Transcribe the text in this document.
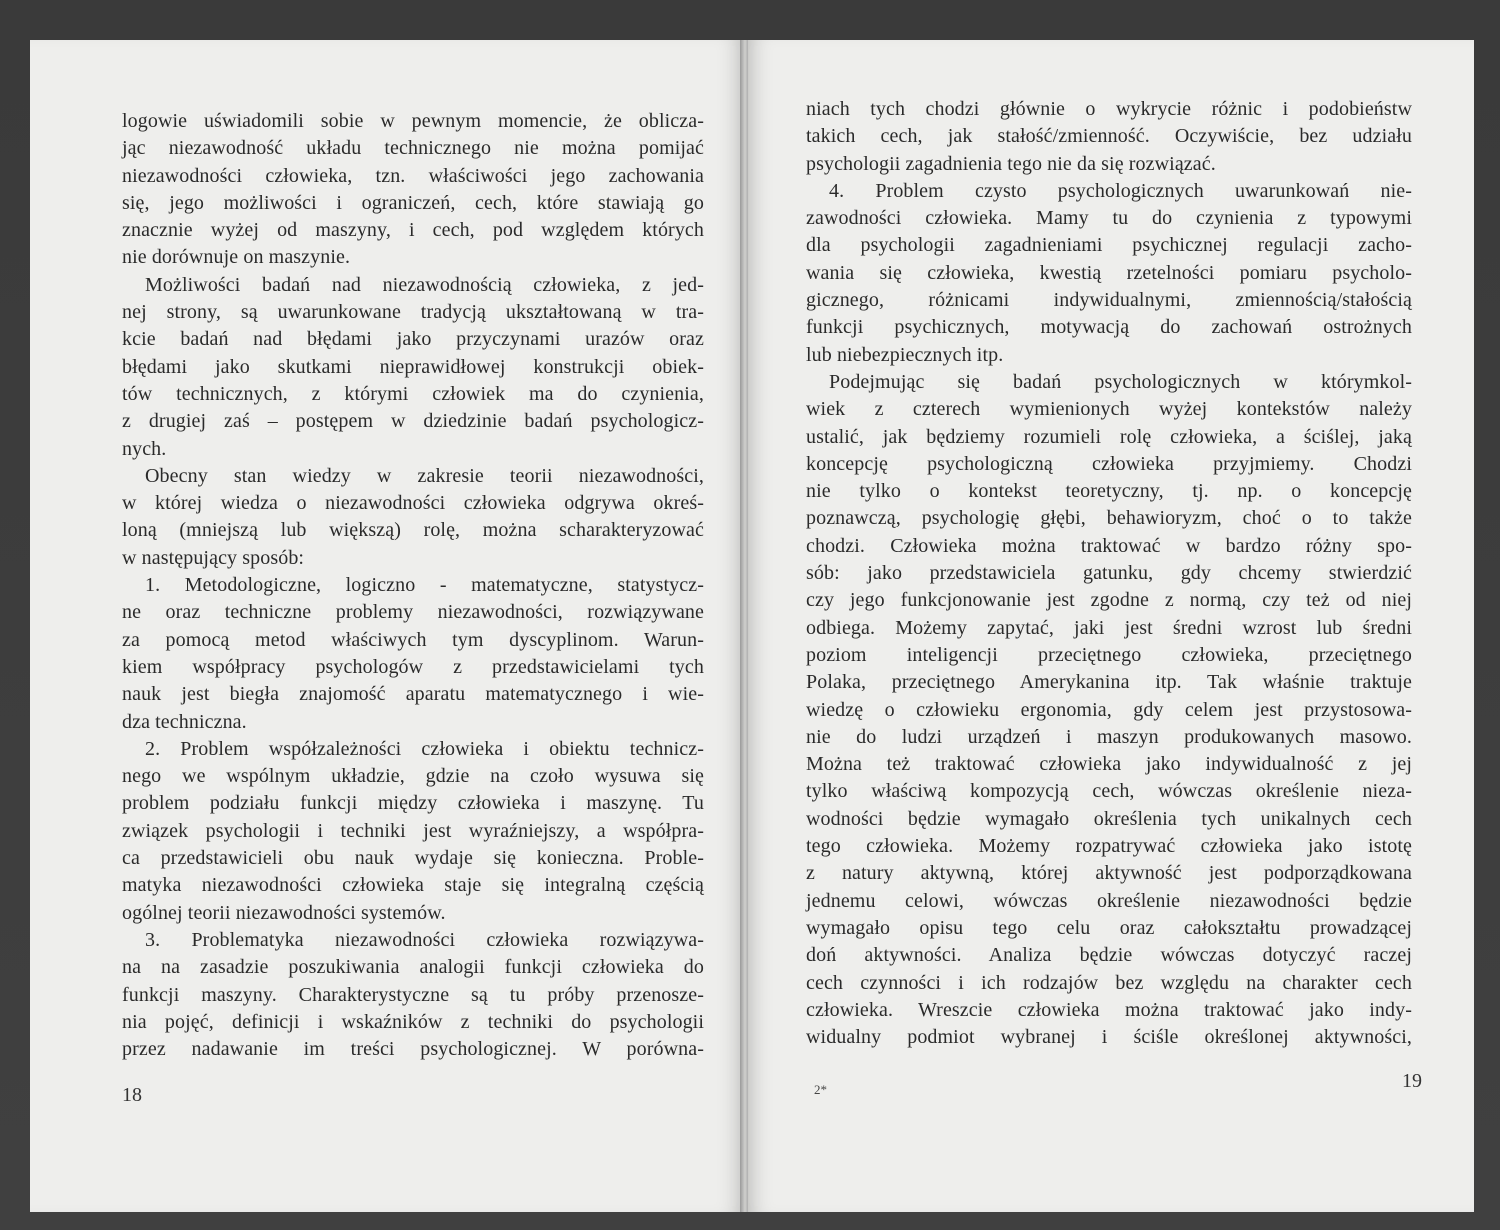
logowie uświadomili sobie w pewnym momencie, że oblicza-
jąc niezawodność układu technicznego nie można pomijać
niezawodności człowieka, tzn. właściwości jego zachowania
się, jego możliwości i ograniczeń, cech, które stawiają go
znacznie wyżej od maszyny, i cech, pod względem których
nie dorównuje on maszynie.
Możliwości badań nad niezawodnością człowieka, z jed-
nej strony, są uwarunkowane tradycją ukształtowaną w tra-
kcie badań nad błędami jako przyczynami urazów oraz
błędami jako skutkami nieprawidłowej konstrukcji obiek-
tów technicznych, z którymi człowiek ma do czynienia,
z drugiej zaś – postępem w dziedzinie badań psychologicz-
nych.
Obecny stan wiedzy w zakresie teorii niezawodności,
w której wiedza o niezawodności człowieka odgrywa okreś-
loną (mniejszą lub większą) rolę, można scharakteryzować
w następujący sposób:
1. Metodologiczne, logiczno - matematyczne, statystycz-
ne oraz techniczne problemy niezawodności, rozwiązywane
za pomocą metod właściwych tym dyscyplinom. Warun-
kiem współpracy psychologów z przedstawicielami tych
nauk jest biegła znajomość aparatu matematycznego i wie-
dza techniczna.
2. Problem współzależności człowieka i obiektu technicz-
nego we wspólnym układzie, gdzie na czoło wysuwa się
problem podziału funkcji między człowieka i maszynę. Tu
związek psychologii i techniki jest wyraźniejszy, a współpra-
ca przedstawicieli obu nauk wydaje się konieczna. Proble-
matyka niezawodności człowieka staje się integralną częścią
ogólnej teorii niezawodności systemów.
3. Problematyka niezawodności człowieka rozwiązywa-
na na zasadzie poszukiwania analogii funkcji człowieka do
funkcji maszyny. Charakterystyczne są tu próby przenosze-
nia pojęć, definicji i wskaźników z techniki do psychologii
przez nadawanie im treści psychologicznej. W porówna-
18
niach tych chodzi głównie o wykrycie różnic i podobieństw
takich cech, jak stałość/zmienność. Oczywiście, bez udziału
psychologii zagadnienia tego nie da się rozwiązać.
4. Problem czysto psychologicznych uwarunkowań nie-
zawodności człowieka. Mamy tu do czynienia z typowymi
dla psychologii zagadnieniami psychicznej regulacji zacho-
wania się człowieka, kwestią rzetelności pomiaru psycholo-
gicznego, różnicami indywidualnymi, zmiennością/stałością
funkcji psychicznych, motywacją do zachowań ostrożnych
lub niebezpiecznych itp.
Podejmując się badań psychologicznych w którymkol-
wiek z czterech wymienionych wyżej kontekstów należy
ustalić, jak będziemy rozumieli rolę człowieka, a ściślej, jaką
koncepcję psychologiczną człowieka przyjmiemy. Chodzi
nie tylko o kontekst teoretyczny, tj. np. o koncepcję
poznawczą, psychologię głębi, behawioryzm, choć o to także
chodzi. Człowieka można traktować w bardzo różny spo-
sób: jako przedstawiciela gatunku, gdy chcemy stwierdzić
czy jego funkcjonowanie jest zgodne z normą, czy też od niej
odbiega. Możemy zapytać, jaki jest średni wzrost lub średni
poziom inteligencji przeciętnego człowieka, przeciętnego
Polaka, przeciętnego Amerykanina itp. Tak właśnie traktuje
wiedzę o człowieku ergonomia, gdy celem jest przystosowa-
nie do ludzi urządzeń i maszyn produkowanych masowo.
Można też traktować człowieka jako indywidualność z jej
tylko właściwą kompozycją cech, wówczas określenie nieza-
wodności będzie wymagało określenia tych unikalnych cech
tego człowieka. Możemy rozpatrywać człowieka jako istotę
z natury aktywną, której aktywność jest podporządkowana
jednemu celowi, wówczas określenie niezawodności będzie
wymagało opisu tego celu oraz całokształtu prowadzącej
doń aktywności. Analiza będzie wówczas dotyczyć raczej
cech czynności i ich rodzajów bez względu na charakter cech
człowieka. Wreszcie człowieka można traktować jako indy-
widualny podmiot wybranej i ściśle określonej aktywności,
2*	19
